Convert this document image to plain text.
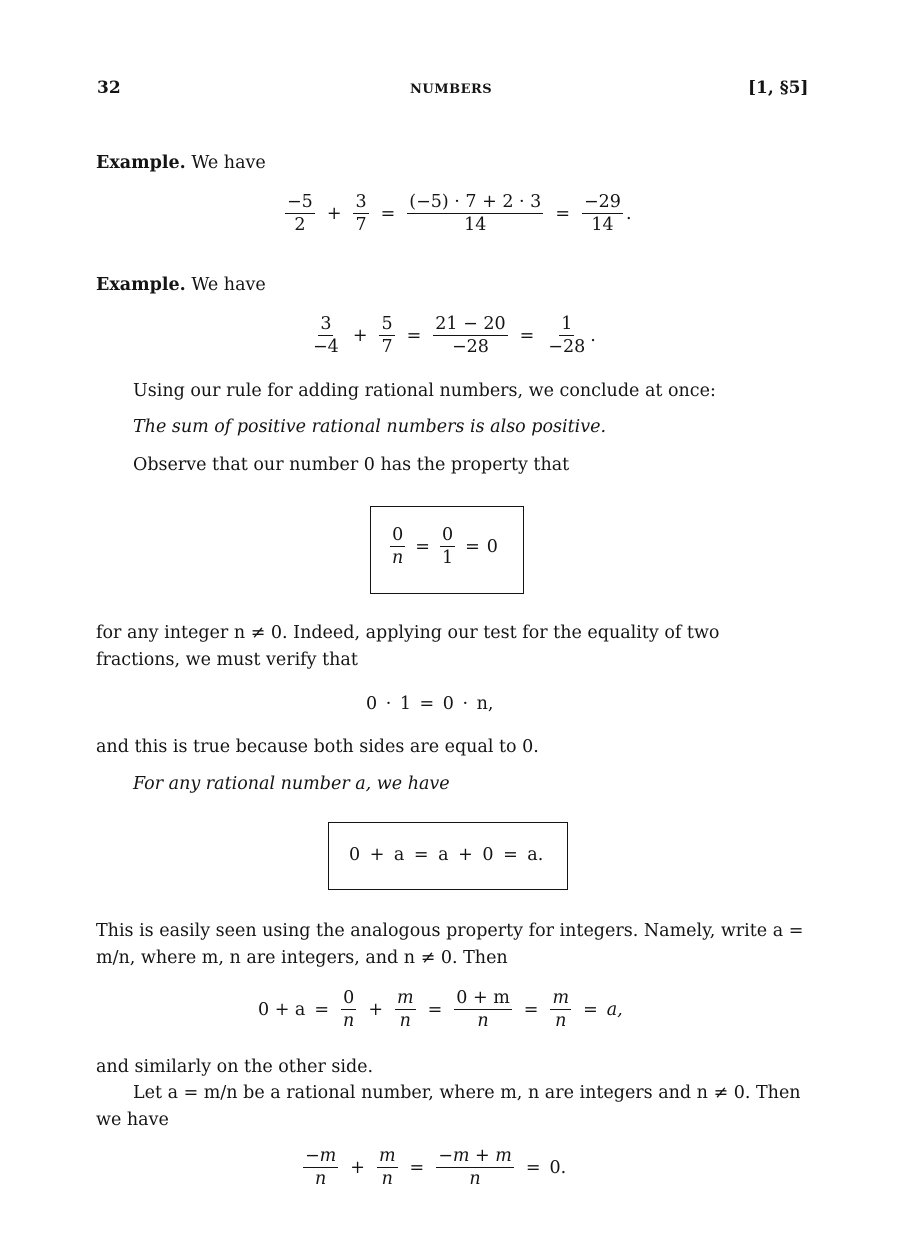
32	NUMBERS	[1, §5]
Example. We have
$\frac{-5}{2} + \frac{3}{7} = \frac{(-5) \cdot 7 + 2 \cdot 3}{14} = \frac{-29}{14}$ .
Example. We have
$\frac{3}{-4} + \frac{5}{7} = \frac{21 - 20}{-28} = \frac{1}{-28}$ .
Using our rule for adding rational numbers, we conclude at once:
The sum of positive rational numbers is also positive.
Observe that our number 0 has the property that
$\frac{0}{n} = \frac{0}{1} = 0$
for any integer n ≠ 0. Indeed, applying our test for the equality of two fractions, we must verify that
0 · 1 = 0 · n,
and this is true because both sides are equal to 0.
For any rational number a, we have
0 + a = a + 0 = a.
This is easily seen using the analogous property for integers. Namely, write a = m/n, where m, n are integers, and n ≠ 0. Then
$0 + a = \frac{0}{n} + \frac{m}{n} = \frac{0 + m}{n} = \frac{m}{n} = a$,
and similarly on the other side.
Let a = m/n be a rational number, where m, n are integers and n ≠ 0. Then we have
$\frac{-m}{n} + \frac{m}{n} = \frac{-m + m}{n} = 0$.
